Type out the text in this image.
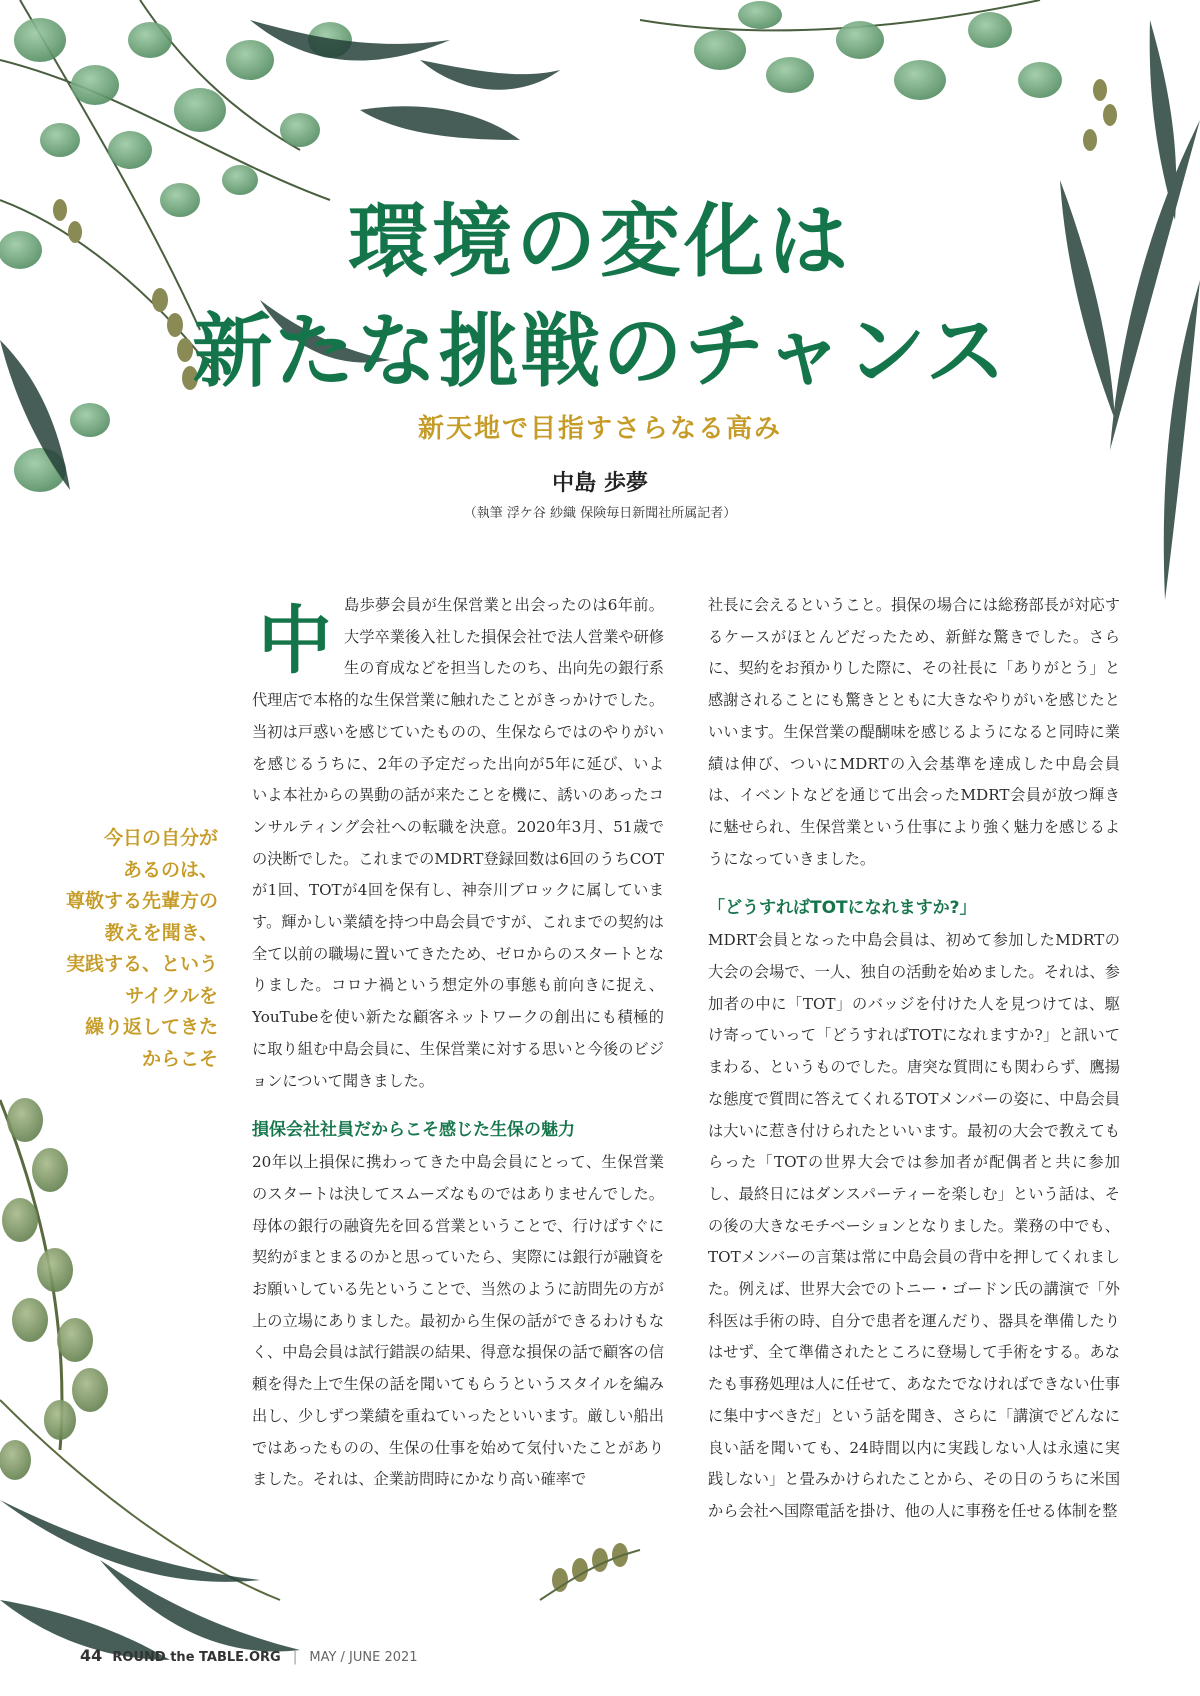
環境の変化は
新たな挑戦のチャンス
新天地で目指すさらなる高み
中島 歩夢
（執筆 浮ケ谷 紗織 保険毎日新聞社所属記者）
今日の自分が
あるのは、
尊敬する先輩方の
教えを聞き、
実践する、という
サイクルを
繰り返してきた
からこそ
中 島歩夢会員が生保営業と出会ったのは6年前。大学卒業後入社した損保会社で法人営業や研修生の育成などを担当したのち、出向先の銀行系代理店で本格的な生保営業に触れたことがきっかけでした。当初は戸惑いを感じていたものの、生保ならではのやりがいを感じるうちに、2年の予定だった出向が5年に延び、いよいよ本社からの異動の話が来たことを機に、誘いのあったコンサルティング会社への転職を決意。2020年3月、51歳での決断でした。これまでのMDRT登録回数は6回のうちCOTが1回、TOTが4回を保有し、神奈川ブロックに属しています。輝かしい業績を持つ中島会員ですが、これまでの契約は全て以前の職場に置いてきたため、ゼロからのスタートとなりました。コロナ禍という想定外の事態も前向きに捉え、YouTubeを使い新たな顧客ネットワークの創出にも積極的に取り組む中島会員に、生保営業に対する思いと今後のビジョンについて聞きました。

損保会社社員だからこそ感じた生保の魅力

20年以上損保に携わってきた中島会員にとって、生保営業のスタートは決してスムーズなものではありませんでした。母体の銀行の融資先を回る営業ということで、行けばすぐに契約がまとまるのかと思っていたら、実際には銀行が融資をお願いしている先ということで、当然のように訪問先の方が上の立場にありました。最初から生保の話ができるわけもなく、中島会員は試行錯誤の結果、得意な損保の話で顧客の信頼を得た上で生保の話を聞いてもらうというスタイルを編み出し、少しずつ業績を重ねていったといいます。厳しい船出ではあったものの、生保の仕事を始めて気付いたことがありました。それは、企業訪問時にかなり高い確率で

社長に会えるということ。損保の場合には総務部長が対応するケースがほとんどだったため、新鮮な驚きでした。さらに、契約をお預かりした際に、その社長に「ありがとう」と感謝されることにも驚きとともに大きなやりがいを感じたといいます。生保営業の醍醐味を感じるようになると同時に業績は伸び、ついにMDRTの入会基準を達成した中島会員は、イベントなどを通じて出会ったMDRT会員が放つ輝きに魅せられ、生保営業という仕事により強く魅力を感じるようになっていきました。

「どうすればTOTになれますか?」

MDRT会員となった中島会員は、初めて参加したMDRTの大会の会場で、一人、独自の活動を始めました。それは、参加者の中に「TOT」のバッジを付けた人を見つけては、駆け寄っていって「どうすればTOTになれますか?」と訊いてまわる、というものでした。唐突な質問にも関わらず、鷹揚な態度で質問に答えてくれるTOTメンバーの姿に、中島会員は大いに惹き付けられたといいます。最初の大会で教えてもらった「TOTの世界大会では参加者が配偶者と共に参加し、最終日にはダンスパーティーを楽しむ」という話は、その後の大きなモチベーションとなりました。業務の中でも、TOTメンバーの言葉は常に中島会員の背中を押してくれました。例えば、世界大会でのトニー・ゴードン氏の講演で「外科医は手術の時、自分で患者を運んだり、器具を準備したりはせず、全て準備されたところに登場して手術をする。あなたも事務処理は人に任せて、あなたでなければできない仕事に集中すべきだ」という話を聞き、さらに「講演でどんなに良い話を聞いても、24時間以内に実践しない人は永遠に実践しない」と畳みかけられたことから、その日のうちに米国から会社へ国際電話を掛け、他の人に事務を任せる体制を整

44 ROUND the TABLE.ORG | MAY / JUNE 2021
